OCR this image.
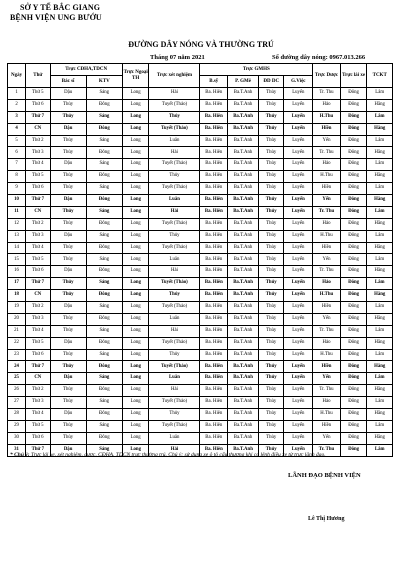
SỞ Y TẾ BẮC GIANG
BỆNH VIỆN UNG BƯỚU
ĐƯỜNG DÂY NÓNG VÀ THƯỜNG TRÚ
Tháng 07 năm 2021	Số đường dây nóng: 0967.013.266
Ngày	Thứ	Trực CĐHA,TDCN		Trực Ngoại TH	Trực xét nghiệm	Trực GMHS				Trực Dược	Trực lái xe	TCKT
		Bác sĩ	KTV			B.sỹ	P. GMê	ĐD DC	G.Việc			
1	Thứ 5	Dậu	Sáng	Long	Hải	Ba. Hiên	Ba.T.Anh	Thủy	Luyến	Tr. Thu	Đông	Lâm
2	Thứ 6	Thủy	Đông	Long	Tuyết (Thảo)	Ba. Hiên	Ba.T.Anh	Thủy	Luyến	Hảo	Đông	Hằng
3	Thứ 7	Thủy	Sáng	Long	Thủy	Ba. Hiên	Ba.T.Anh	Thủy	Luyến	H.Thu	Đông	Lâm
4	CN	Dậu	Đông	Long	Tuyết (Thảo)	Ba. Hiên	Ba.T.Anh	Thủy	Luyến	Hiền	Đông	Hằng
5	Thứ 2	Thủy	Sáng	Long	Luân	Ba. Hiên	Ba.T.Anh	Thủy	Luyến	Yến	Đông	Lâm
6	Thứ 3	Thủy	Đông	Long	Hải	Ba. Hiên	Ba.T.Anh	Thủy	Luyến	Tr. Thu	Đông	Hằng
7	Thứ 4	Dậu	Sáng	Long	Tuyết (Thảo)	Ba. Hiên	Ba.T.Anh	Thủy	Luyến	Hảo	Đông	Lâm
8	Thứ 5	Thủy	Đông	Long	Thủy	Ba. Hiên	Ba.T.Anh	Thủy	Luyến	H.Thu	Đông	Hằng
9	Thứ 6	Thủy	Sáng	Long	Tuyết (Thảo)	Ba. Hiên	Ba.T.Anh	Thủy	Luyến	Hiền	Đông	Lâm
10	Thứ 7	Dậu	Đông	Long	Luân	Ba. Hiên	Ba.T.Anh	Thủy	Luyến	Yến	Đông	Hằng
11	CN	Thủy	Sáng	Long	Hải	Ba. Hiên	Ba.T.Anh	Thủy	Luyến	Tr. Thu	Đông	Lâm
12	Thứ 2	Thủy	Đông	Long	Tuyết (Thảo)	Ba. Hiên	Ba.T.Anh	Thủy	Luyến	Hảo	Đông	Hằng
13	Thứ 3	Dậu	Sáng	Long	Thủy	Ba. Hiên	Ba.T.Anh	Thủy	Luyến	H.Thu	Đông	Lâm
14	Thứ 4	Thủy	Đông	Long	Tuyết (Thảo)	Ba. Hiên	Ba.T.Anh	Thủy	Luyến	Hiền	Đông	Hằng
15	Thứ 5	Thủy	Sáng	Long	Luân	Ba. Hiên	Ba.T.Anh	Thủy	Luyến	Yến	Đông	Lâm
16	Thứ 6	Dậu	Đông	Long	Hải	Ba. Hiên	Ba.T.Anh	Thủy	Luyến	Tr. Thu	Đông	Hằng
17	Thứ 7	Thủy	Sáng	Long	Tuyết (Thảo)	Ba. Hiên	Ba.T.Anh	Thủy	Luyến	Hảo	Đông	Lâm
18	CN	Thủy	Đông	Long	Thủy	Ba. Hiên	Ba.T.Anh	Thủy	Luyến	H.Thu	Đông	Hằng
19	Thứ 2	Dậu	Sáng	Long	Tuyết (Thảo)	Ba. Hiên	Ba.T.Anh	Thủy	Luyến	Hiền	Đông	Lâm
20	Thứ 3	Thủy	Đông	Long	Luân	Ba. Hiên	Ba.T.Anh	Thủy	Luyến	Yến	Đông	Hằng
21	Thứ 4	Thủy	Sáng	Long	Hải	Ba. Hiên	Ba.T.Anh	Thủy	Luyến	Tr. Thu	Đông	Lâm
22	Thứ 5	Dậu	Đông	Long	Tuyết (Thảo)	Ba. Hiên	Ba.T.Anh	Thủy	Luyến	Hảo	Đông	Hằng
23	Thứ 6	Thủy	Sáng	Long	Thủy	Ba. Hiên	Ba.T.Anh	Thủy	Luyến	H.Thu	Đông	Lâm
24	Thứ 7	Thủy	Đông	Long	Tuyết (Thảo)	Ba. Hiên	Ba.T.Anh	Thủy	Luyến	Hiền	Đông	Hằng
25	CN	Dậu	Sáng	Long	Luân	Ba. Hiên	Ba.T.Anh	Thủy	Luyến	Yến	Đông	Lâm
26	Thứ 2	Thủy	Đông	Long	Hải	Ba. Hiên	Ba.T.Anh	Thủy	Luyến	Tr. Thu	Đông	Hằng
27	Thứ 3	Thủy	Sáng	Long	Tuyết (Thảo)	Ba. Hiên	Ba.T.Anh	Thủy	Luyến	Hảo	Đông	Lâm
28	Thứ 4	Dậu	Đông	Long	Thủy	Ba. Hiên	Ba.T.Anh	Thủy	Luyến	H.Thu	Đông	Hằng
29	Thứ 5	Thủy	Sáng	Long	Tuyết (Thảo)	Ba. Hiên	Ba.T.Anh	Thủy	Luyến	Hiền	Đông	Lâm
30	Thứ 6	Thủy	Đông	Long	Luân	Ba. Hiên	Ba.T.Anh	Thủy	Luyến	Yến	Đông	Hằng
31	Thứ 7	Dậu	Sáng	Long	Hải	Ba. Hiên	Ba.T.Anh	Thủy	Luyến	Tr. Thu	Đông	Lâm
* Chú ý: Trực lái xe, xét nghiệm, dược, CĐHA, TDCN trực thường trú. Chú ý: sử dụng xe ô tô cấu thương khi có lệnh điều xe từ trực lãnh đạo.
LÃNH ĐẠO BỆNH VIỆN
Lê Thị Hương
